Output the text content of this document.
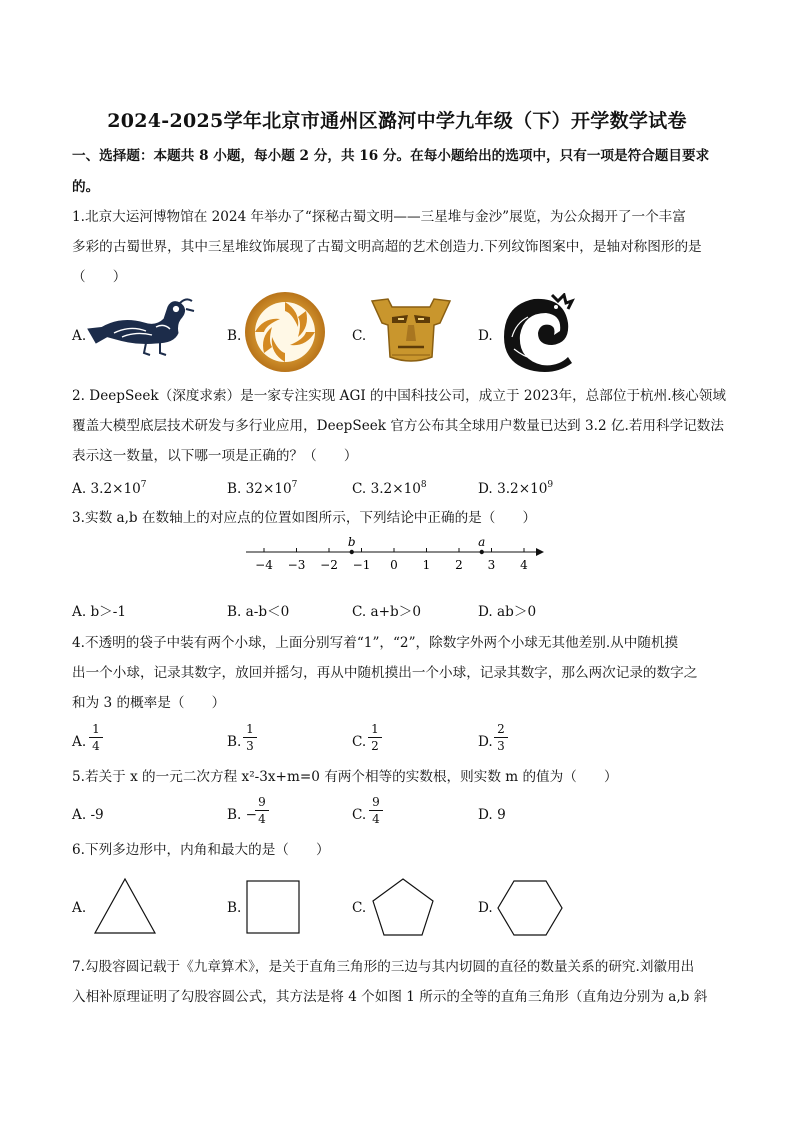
2024-2025学年北京市通州区潞河中学九年级（下）开学数学试卷
一、选择题：本题共 8 小题，每小题 2 分，共 16 分。在每小题给出的选项中，只有一项是符合题目要求
的。
1.北京大运河博物馆在 2024 年举办了“探秘古蜀文明——三星堆与金沙”展览，为公众揭开了一个丰富
多彩的古蜀世界，其中三星堆纹饰展现了古蜀文明高超的艺术创造力.下列纹饰图案中，是轴对称图形的是
（　　）
A.	B.	C.	D.
2. DeepSeek（深度求索）是一家专注实现 AGI 的中国科技公司，成立于 2023年，总部位于杭州.核心领域
覆盖大模型底层技术研发与多行业应用，DeepSeek 官方公布其全球用户数量已达到 3.2 亿.若用科学记数法
表示这一数量，以下哪一项是正确的？（　　）
A. $3.2\times 10^7$	B. $32\times 10^7$	C. $3.2\times 10^8$	D. $3.2\times 10^9$
3.实数 a,b 在数轴上的对应点的位置如图所示，下列结论中正确的是（　　）
−4 −3 −2 −1 0 1 2 3 4
b	a
A. b＞-1	B. a-b＜0	C. a+b＞0	D. ab＞0
4.不透明的袋子中装有两个小球，上面分别写着“1”，“2”，除数字外两个小球无其他差别.从中随机摸
出一个小球，记录其数字，放回并摇匀，再从中随机摸出一个小球，记录其数字，那么两次记录的数字之
和为 3 的概率是（　　）
A.
1
4	B.
1
3	C.
1
2	D.
2
3
5.若关于 x 的一元二次方程 x²-3x+m=0 有两个相等的实数根，则实数 m 的值为（　　）
A. -9	B. −
9
4	C.
9
4	D. 9
6.下列多边形中，内角和最大的是（　　）
A.	B.	C.	D.
7.勾股容圆记载于《九章算术》，是关于直角三角形的三边与其内切圆的直径的数量关系的研究.刘徽用出
入相补原理证明了勾股容圆公式，其方法是将 4 个如图 1 所示的全等的直角三角形（直角边分别为 a,b 斜
